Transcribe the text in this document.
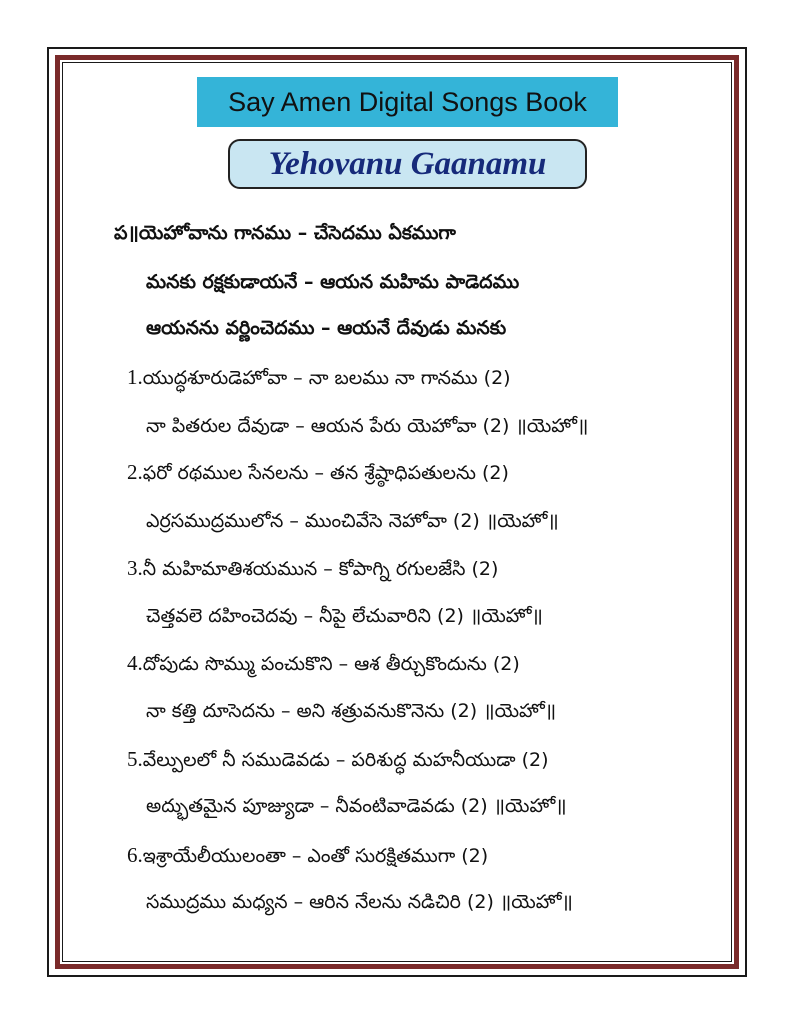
Say Amen Digital Songs Book
Yehovanu Gaanamu
ప॥యెహోవాను గానము – చేసెదము ఏకముగా
మనకు రక్షకుడాయనే – ఆయన మహిమ పాడెదము
ఆయనను వర్ణించెదము – ఆయనే దేవుడు మనకు
1.యుద్ధశూరుడెహోవా – నా బలము నా గానము (2)
నా పితరుల దేవుడా – ఆయన పేరు యెహోవా (2) ॥యెహో॥
2.ఫరో రథముల సేనలను – తన శ్రేష్ఠాధిపతులను (2)
ఎర్రసముద్రములోన – ముంచివేసె నెహోవా (2) ॥యెహో॥
3.నీ మహిమాతిశయమున – కోపాగ్ని రగులజేసి (2)
చెత్తవలె దహించెదవు – నీపై లేచువారిని (2) ॥యెహో॥
4.దోపుడు సొమ్ము పంచుకొని – ఆశ తీర్చుకొందును (2)
నా కత్తి దూసెదను – అని శత్రువనుకొనెను (2) ॥యెహో॥
5.వేల్పులలో నీ సముడెవడు – పరిశుద్ధ మహనీయుడా (2)
అద్భుతమైన పూజ్యుడా – నీవంటివాడెవడు (2) ॥యెహో॥
6.ఇశ్రాయేలీయులంతా – ఎంతో సురక్షితముగా (2)
సముద్రము మధ్యన – ఆరిన నేలను నడిచిరి (2) ॥యెహో॥
